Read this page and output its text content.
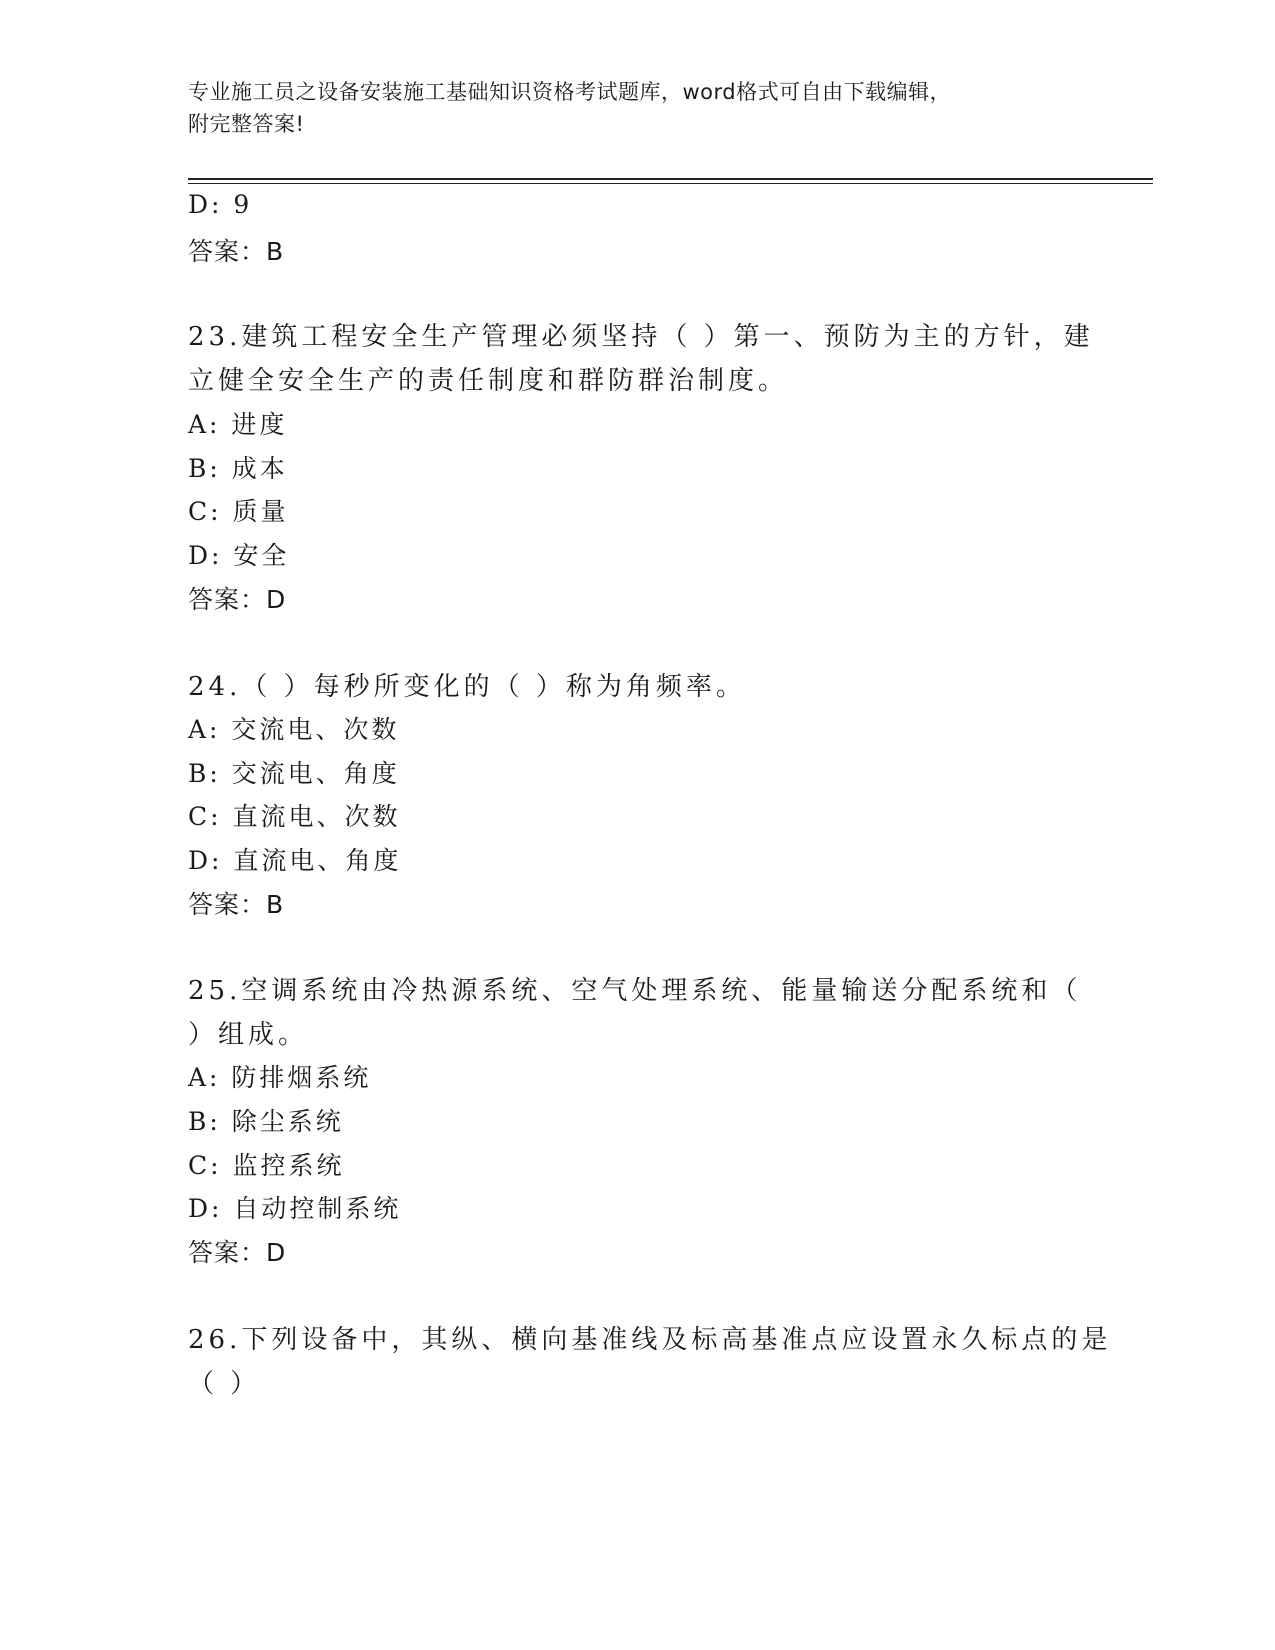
专业施工员之设备安装施工基础知识资格考试题库，word格式可自由下载编辑，
附完整答案!
D: 9
答案：B
23.建筑工程安全生产管理必须坚持（ ）第一、预防为主的方针，建
立健全安全生产的责任制度和群防群治制度。
A: 进度
B: 成本
C: 质量
D: 安全
答案：D
24.（ ）每秒所变化的（ ）称为角频率。
A: 交流电、次数
B: 交流电、角度
C: 直流电、次数
D: 直流电、角度
答案：B
25.空调系统由冷热源系统、空气处理系统、能量输送分配系统和（
）组成。
A: 防排烟系统
B: 除尘系统
C: 监控系统
D: 自动控制系统
答案：D
26.下列设备中，其纵、横向基准线及标高基准点应设置永久标点的是
（ ）
